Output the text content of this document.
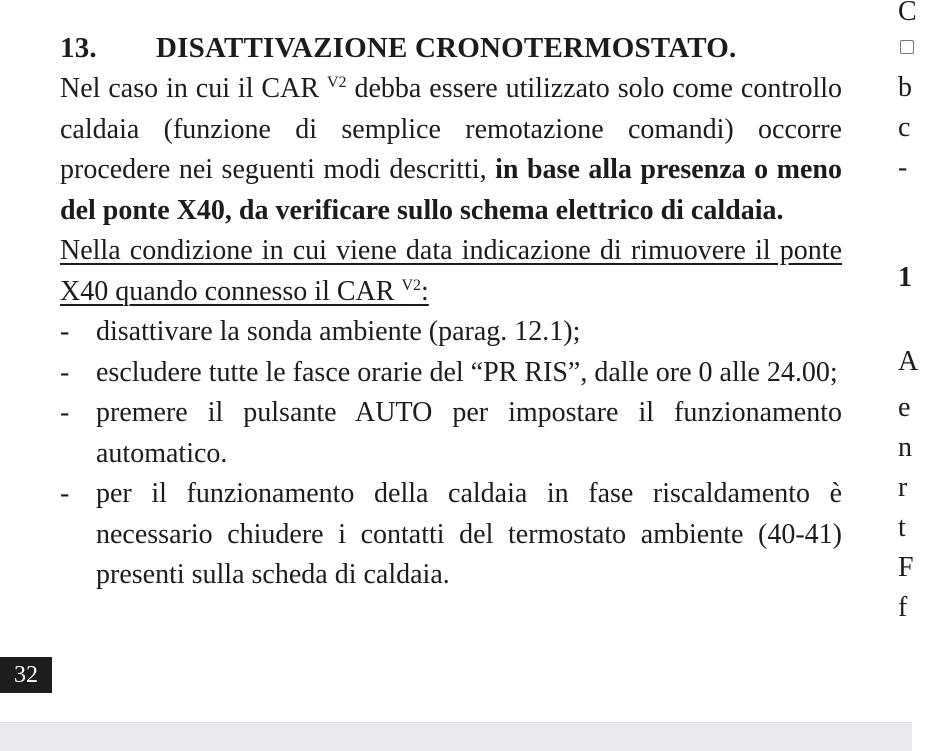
13. DISATTIVAZIONE CRONOTERMOSTATO.

Nel caso in cui il CAR $^{V2}$ debba essere utilizzato solo come controllo caldaia (funzione di semplice remotazione comandi) occorre procedere nei seguenti modi descritti, in base alla presenza o meno del ponte X40, da verificare sullo schema elettrico di caldaia.

Nella condizione in cui viene data indicazione di rimuovere il ponte X40 quando connesso il CAR $^{V2}$:

- disattivare la sonda ambiente (parag. 12.1);
- escludere tutte le fasce orarie del “PR RIS”, dalle ore 0 alle 24.00;
- premere il pulsante AUTO per impostare il funzionamento automatico.
- per il funzionamento della caldaia in fase riscaldamento è necessario chiudere i contatti del termostato ambiente (40-41) presenti sulla scheda di caldaia.
32
C
b
c
-
1
A
e
n
r
t
F
f
